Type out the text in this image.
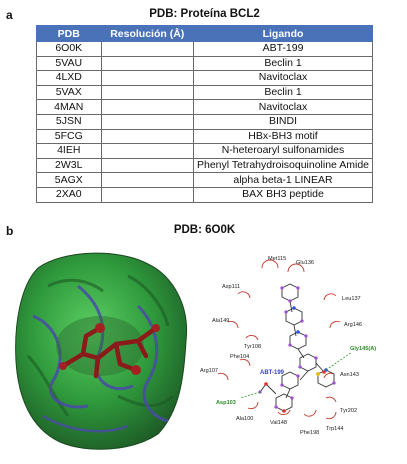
a	PDB: Proteína BCL2
PDB	Resolución (Å)	Ligando
6O0K		ABT-199
5VAU		Beclin 1
4LXD		Navitoclax
5VAX		Beclin 1
4MAN		Navitoclax
5JSN		BINDI
5FCG		HBx-BH3 motif
4IEH		N-heteroaryl sulfonamides
2W3L		Phenyl Tetrahydroisoquinoline Amide
5AGX		alpha beta-1 LINEAR
2XA0		BAX BH3 peptide
b	PDB: 6O0K
Met115
Glu136
Asp111
Leu137
Ala149
Arg146
Tyr108
Phe104
Arg107
Asn143
Tyr202
Ala100
Val148
Phe198
Trp144
Gly145(A)
Asp103
ABT-199
